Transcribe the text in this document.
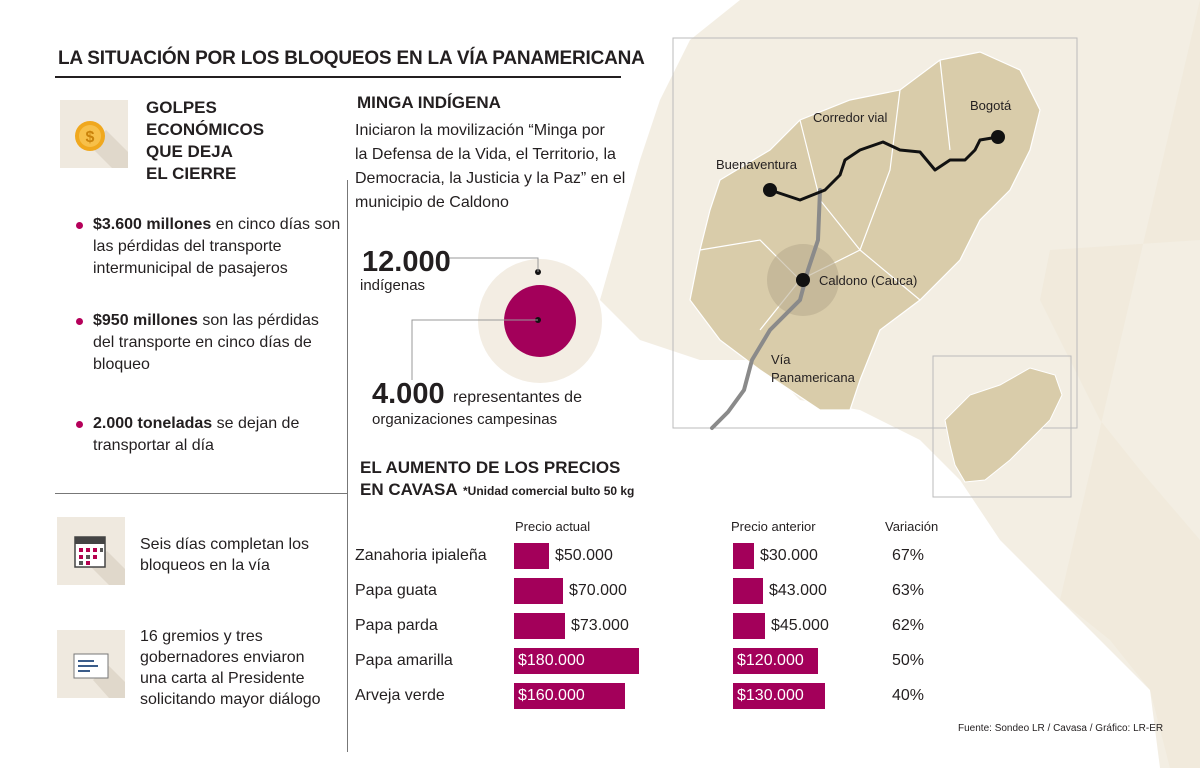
Bogotá
Corredor vial
Buenaventura
Caldono (Cauca)
Vía
Panamericana
LA SITUACIÓN POR LOS BLOQUEOS EN LA VÍA PANAMERICANA
$
GOLPES
ECONÓMICOS
QUE DEJA
EL CIERRE
$3.600 millones en cinco días son las pérdidas del transporte intermunicipal de pasajeros
$950 millones son las pérdidas del transporte en cinco días de bloqueo
2.000 toneladas se dejan de transportar al día
Seis días completan los
bloqueos en la vía
16 gremios y tres
gobernadores enviaron
una carta al Presidente
solicitando mayor diálogo
MINGA INDÍGENA
Iniciaron la movilización “Minga por
la Defensa de la Vida, el Territorio, la
Democracia, la Justicia y la Paz” en el
municipio de Caldono
12.000
indígenas
4.000 representantes de
organizaciones campesinas
EL AUMENTO DE LOS PRECIOS
EN CAVASA *Unidad comercial bulto 50 kg
Precio actual	Precio anterior	Variación
Zanahoria ipialeña	$50.000	$30.000	67%
Papa guata	$70.000	$43.000	63%
Papa parda	$73.000	$45.000	62%
Papa amarilla	$180.000	$120.000	50%
Arveja verde	$160.000	$130.000	40%
Fuente: Sondeo LR / Cavasa / Gráfico: LR-ER
